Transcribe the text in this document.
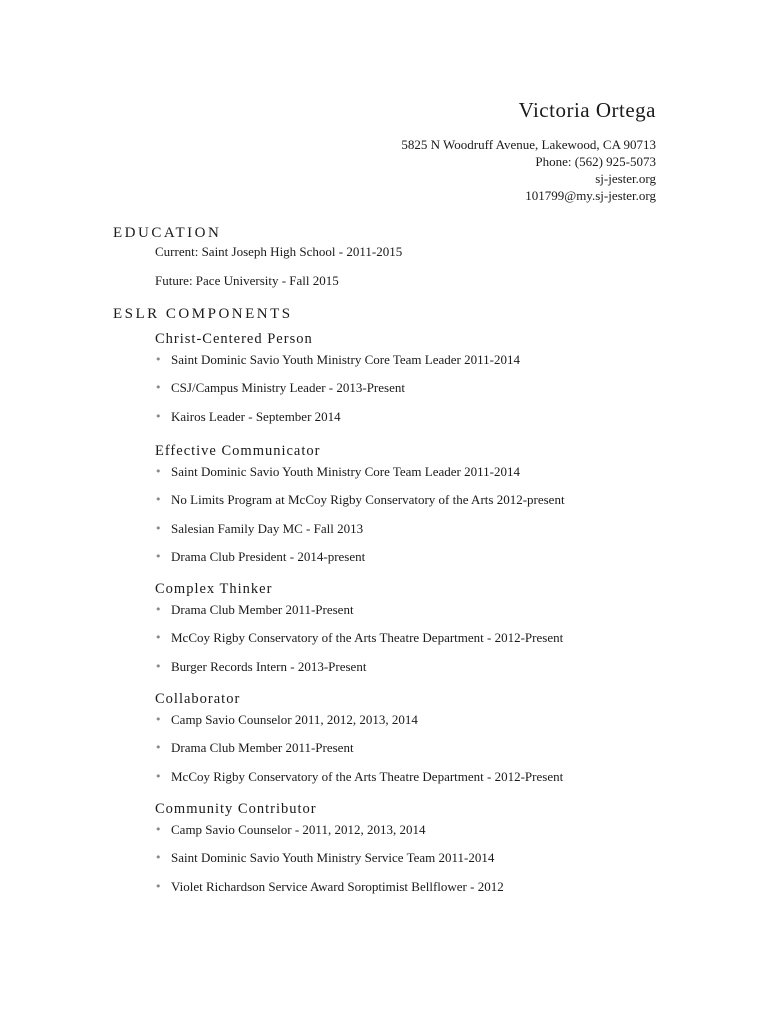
Victoria Ortega
5825 N Woodruff Avenue, Lakewood, CA 90713
Phone: (562) 925-5073
sj-jester.org
101799@my.sj-jester.org
EDUCATION
Current: Saint Joseph High School - 2011-2015
Future: Pace University - Fall 2015
ESLR COMPONENTS
Christ-Centered Person
• Saint Dominic Savio Youth Ministry Core Team Leader 2011-2014
• CSJ/Campus Ministry Leader - 2013-Present
• Kairos Leader - September 2014
Effective Communicator
• Saint Dominic Savio Youth Ministry Core Team Leader 2011-2014
• No Limits Program at McCoy Rigby Conservatory of the Arts 2012-present
• Salesian Family Day MC - Fall 2013
• Drama Club President - 2014-present
Complex Thinker
• Drama Club Member 2011-Present
• McCoy Rigby Conservatory of the Arts Theatre Department - 2012-Present
• Burger Records Intern - 2013-Present
Collaborator
• Camp Savio Counselor 2011, 2012, 2013, 2014
• Drama Club Member 2011-Present
• McCoy Rigby Conservatory of the Arts Theatre Department - 2012-Present
Community Contributor
• Camp Savio Counselor - 2011, 2012, 2013, 2014
• Saint Dominic Savio Youth Ministry Service Team 2011-2014
• Violet Richardson Service Award Soroptimist Bellflower - 2012
